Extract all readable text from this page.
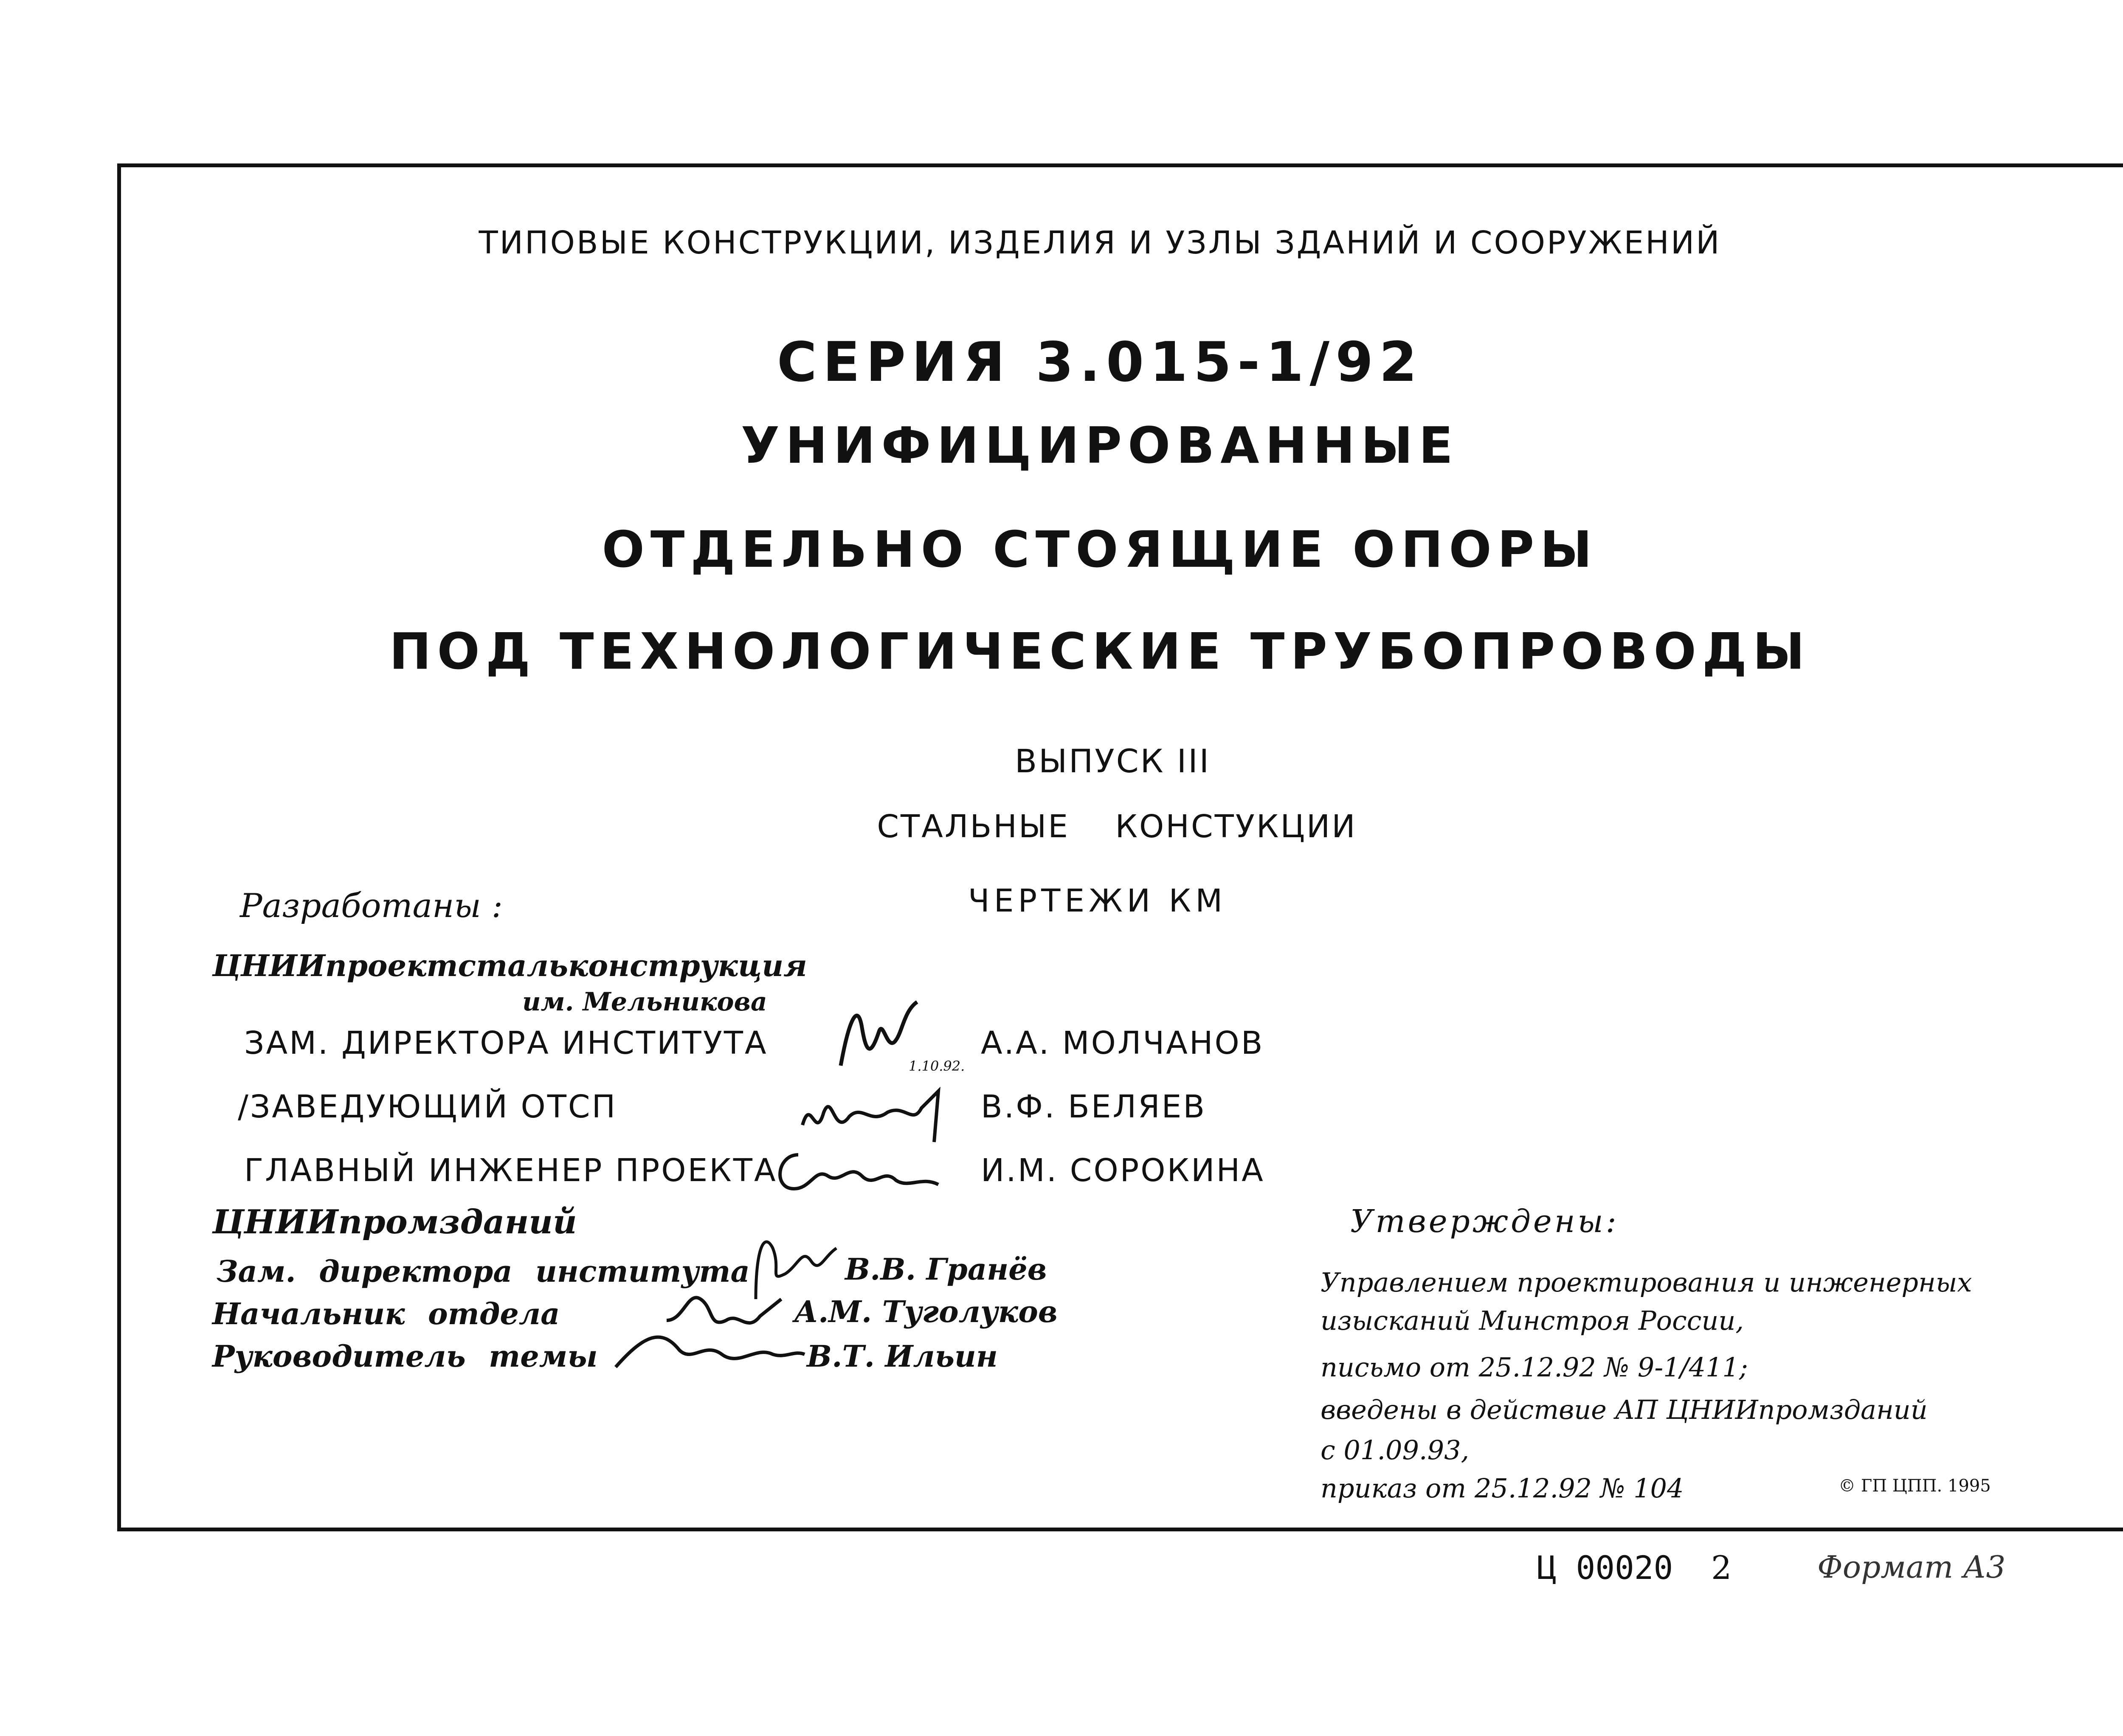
ТИПОВЫЕ КОНСТРУКЦИИ, ИЗДЕЛИЯ И УЗЛЫ ЗДАНИЙ И СООРУЖЕНИЙ
СЕРИЯ 3.015-1/92
УНИФИЦИРОВАННЫЕ
ОТДЕЛЬНО СТОЯЩИЕ ОПОРЫ
ПОД ТЕХНОЛОГИЧЕСКИЕ ТРУБОПРОВОДЫ
ВЫПУСК III
СТАЛЬНЫЕ КОНСТУКЦИИ
ЧЕРТЕЖИ КМ
Разработаны :
ЦНИИпроектстальконструкция
им. Мельникова
ЗАМ. ДИРЕКТОРА ИНСТИТУТА
/ЗАВЕДУЮЩИЙ ОТСП
ГЛАВНЫЙ ИНЖЕНЕР ПРОЕКТА
1.10.92.
А.А. МОЛЧАНОВ
В.Ф. БЕЛЯЕВ
И.М. СОРОКИНА
ЦНИИпромзданий
Зам. директора института
Начальник отдела
Руководитель темы
В.В. Гранёв
А.М. Туголуков
В.Т. Ильин
Утверждены:
Управлением проектирования и инженерных
изысканий Минстроя России,
письмо от 25.12.92 № 9-1/411;
введены в действие АП ЦНИИпромзданий
с 01.09.93,
приказ от 25.12.92 № 104	© ГП ЦПП. 1995
Ц 00020 2	Формат А3
